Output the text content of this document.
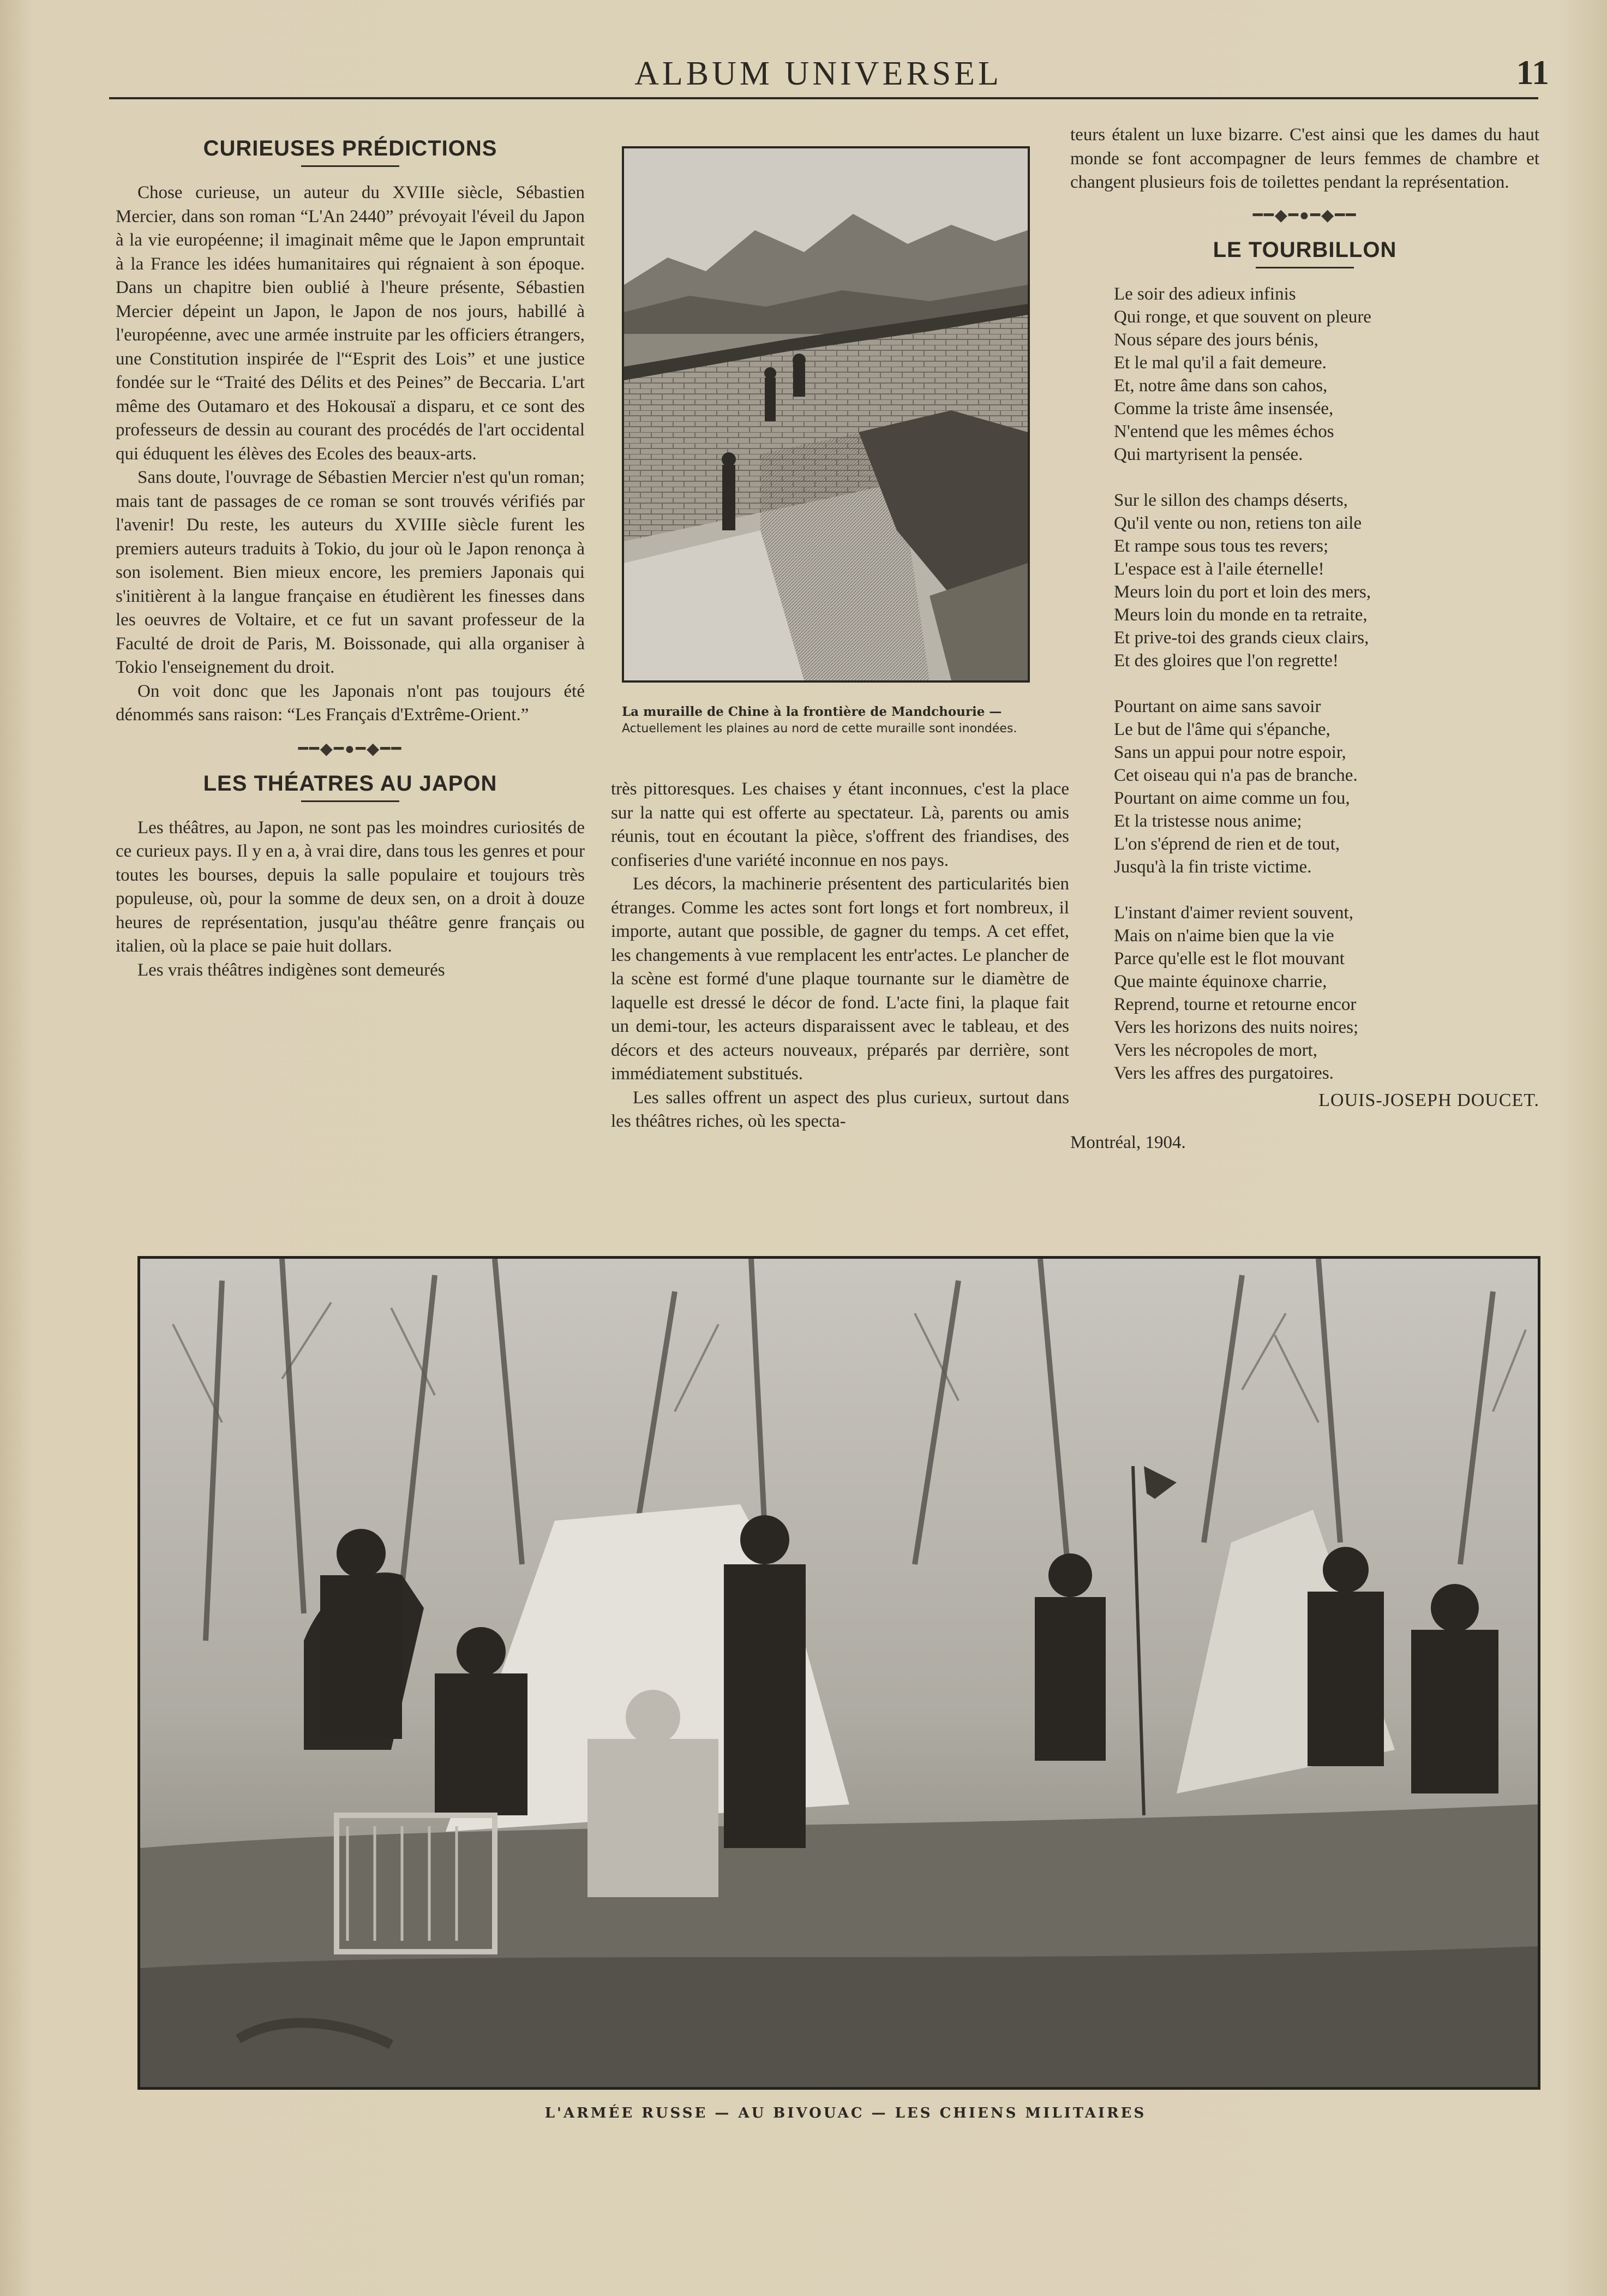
ALBUM UNIVERSEL	11
CURIEUSES PRÉDICTIONS

Chose curieuse, un auteur du XVIIIe siècle, Sébastien Mercier, dans son roman “L'An 2440” prévoyait l'éveil du Japon à la vie européenne; il imaginait même que le Japon empruntait à la France les idées humanitaires qui régnaient à son époque. Dans un chapitre bien oublié à l'heure présente, Sébastien Mercier dépeint un Japon, le Japon de nos jours, habillé à l'européenne, avec une armée instruite par les officiers étrangers, une Constitution inspirée de l'“Esprit des Lois” et une justice fondée sur le “Traité des Délits et des Peines” de Beccaria. L'art même des Outamaro et des Hokousaï a disparu, et ce sont des professeurs de dessin au courant des procédés de l'art occidental qui éduquent les élèves des Ecoles des beaux-arts.

Sans doute, l'ouvrage de Sébastien Mercier n'est qu'un roman; mais tant de passages de ce roman se sont trouvés vérifiés par l'avenir! Du reste, les auteurs du XVIIIe siècle furent les premiers auteurs traduits à Tokio, du jour où le Japon renonça à son isolement. Bien mieux encore, les premiers Japonais qui s'initièrent à la langue française en étudièrent les finesses dans les oeuvres de Voltaire, et ce fut un savant professeur de la Faculté de droit de Paris, M. Boissonade, qui alla organiser à Tokio l'enseignement du droit.

On voit donc que les Japonais n'ont pas toujours été dénommés sans raison: “Les Français d'Extrême-Orient.”

━━◆━●━◆━━
LES THÉATRES AU JAPON

Les théâtres, au Japon, ne sont pas les moindres curiosités de ce curieux pays. Il y en a, à vrai dire, dans tous les genres et pour toutes les bourses, depuis la salle populaire et toujours très populeuse, où, pour la somme de deux sen, on a droit à douze heures de représentation, jusqu'au théâtre genre français ou italien, où la place se paie huit dollars.

Les vrais théâtres indigènes sont demeurés

La muraille de Chine à la frontière de Mandchourie — Actuellement les plaines au nord de cette muraille sont inondées.

très pittoresques. Les chaises y étant inconnues, c'est la place sur la natte qui est offerte au spectateur. Là, parents ou amis réunis, tout en écoutant la pièce, s'offrent des friandises, des confiseries d'une variété inconnue en nos pays.

Les décors, la machinerie présentent des particularités bien étranges. Comme les actes sont fort longs et fort nombreux, il importe, autant que possible, de gagner du temps. A cet effet, les changements à vue remplacent les entr'actes. Le plancher de la scène est formé d'une plaque tournante sur le diamètre de laquelle est dressé le décor de fond. L'acte fini, la plaque fait un demi-tour, les acteurs disparaissent avec le tableau, et des décors et des acteurs nouveaux, préparés par derrière, sont immédiatement substitués.

Les salles offrent un aspect des plus curieux, surtout dans les théâtres riches, où les specta-

teurs étalent un luxe bizarre. C'est ainsi que les dames du haut monde se font accompagner de leurs femmes de chambre et changent plusieurs fois de toilettes pendant la représentation.

━━◆━●━◆━━
LE TOURBILLON
Le soir des adieux infinis
Qui ronge, et que souvent on pleure
Nous sépare des jours bénis,
Et le mal qu'il a fait demeure.
Et, notre âme dans son cahos,
Comme la triste âme insensée,
N'entend que les mêmes échos
Qui martyrisent la pensée.
Sur le sillon des champs déserts,
Qu'il vente ou non, retiens ton aile
Et rampe sous tous tes revers;
L'espace est à l'aile éternelle!
Meurs loin du port et loin des mers,
Meurs loin du monde en ta retraite,
Et prive-toi des grands cieux clairs,
Et des gloires que l'on regrette!
Pourtant on aime sans savoir
Le but de l'âme qui s'épanche,
Sans un appui pour notre espoir,
Cet oiseau qui n'a pas de branche.
Pourtant on aime comme un fou,
Et la tristesse nous anime;
L'on s'éprend de rien et de tout,
Jusqu'à la fin triste victime.
L'instant d'aimer revient souvent,
Mais on n'aime bien que la vie
Parce qu'elle est le flot mouvant
Que mainte équinoxe charrie,
Reprend, tourne et retourne encor
Vers les horizons des nuits noires;
Vers les nécropoles de mort,
Vers les affres des purgatoires.
LOUIS-JOSEPH DOUCET.
Montréal, 1904.
L'ARMÉE RUSSE — AU BIVOUAC — LES CHIENS MILITAIRES
